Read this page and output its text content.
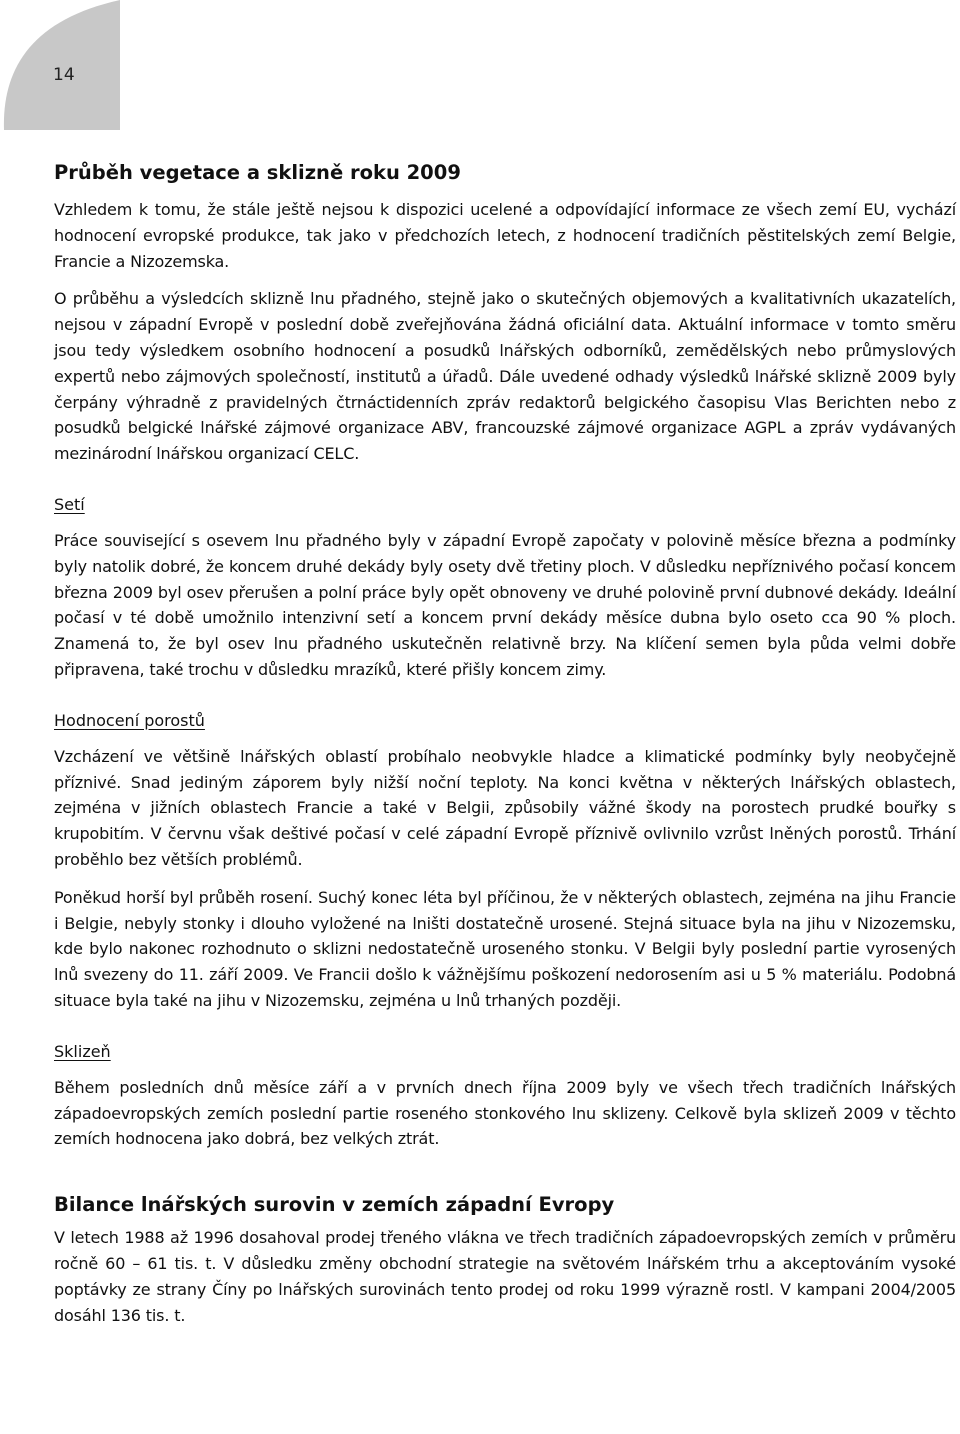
14
Průběh vegetace a sklizně roku 2009

Vzhledem k tomu, že stále ještě nejsou k dispozici ucelené a odpovídající informace ze všech zemí EU, vychází hodnocení evropské produkce, tak jako v předchozích letech, z hodnocení tradičních pěstitelských zemí Belgie, Francie a Nizozemska.

O průběhu a výsledcích sklizně lnu přadného, stejně jako o skutečných objemových a kvalitativních ukazatelích, nejsou v západní Evropě v poslední době zveřejňována žádná oficiální data. Aktuální informace v tomto směru jsou tedy výsledkem osobního hodnocení a posudků lnářských odborníků, zemědělských nebo průmyslových expertů nebo zájmových společností, institutů a úřadů. Dále uvedené odhady výsledků lnářské sklizně 2009 byly čerpány výhradně z pravidelných čtrnáctidenních zpráv redaktorů belgického časopisu Vlas Berichten nebo z posudků belgické lnářské zájmové organizace ABV, francouzské zájmové organizace AGPL a zpráv vydávaných mezinárodní lnářskou organizací CELC.

Setí

Práce související s osevem lnu přadného byly v západní Evropě započaty v polovině měsíce března a podmínky byly natolik dobré, že koncem druhé dekády byly osety dvě třetiny ploch. V důsledku nepříznivého počasí koncem března 2009 byl osev přerušen a polní práce byly opět obnoveny ve druhé polovině první dubnové dekády. Ideální počasí v té době umožnilo intenzivní setí a koncem první dekády měsíce dubna bylo oseto cca 90 % ploch. Znamená to, že byl osev lnu přadného uskutečněn relativně brzy. Na klíčení semen byla půda velmi dobře připravena, také trochu v důsledku mrazíků, které přišly koncem zimy.

Hodnocení porostů

Vzcházení ve většině lnářských oblastí probíhalo neobvykle hladce a klimatické podmínky byly neobyčejně příznivé. Snad jediným záporem byly nižší noční teploty. Na konci května v některých lnářských oblastech, zejména v jižních oblastech Francie a také v Belgii, způsobily vážné škody na porostech prudké bouřky s krupobitím. V červnu však deštivé počasí v celé západní Evropě příznivě ovlivnilo vzrůst lněných porostů. Trhání proběhlo bez větších problémů.

Poněkud horší byl průběh rosení. Suchý konec léta byl příčinou, že v některých oblastech, zejména na jihu Francie i Belgie, nebyly stonky i dlouho vyložené na lništi dostatečně urosené. Stejná situace byla na jihu v Nizozemsku, kde bylo nakonec rozhodnuto o sklizni nedostatečně uroseného stonku. V Belgii byly poslední partie vyrosených lnů svezeny do 11. září 2009. Ve Francii došlo k vážnějšímu poškození nedorosením asi u 5 % materiálu. Podobná situace byla také na jihu v Nizozemsku, zejména u lnů trhaných později.

Sklizeň

Během posledních dnů měsíce září a v prvních dnech října 2009 byly ve všech třech tradičních lnářských západoevropských zemích poslední partie roseného stonkového lnu sklizeny. Celkově byla sklizeň 2009 v těchto zemích hodnocena jako dobrá, bez velkých ztrát.

Bilance lnářských surovin v zemích západní Evropy

V letech 1988 až 1996 dosahoval prodej třeného vlákna ve třech tradičních západoevropských zemích v průměru ročně 60 – 61 tis. t. V důsledku změny obchodní strategie na světovém lnářském trhu a akceptováním vysoké poptávky ze strany Číny po lnářských surovinách tento prodej od roku 1999 výrazně rostl. V kampani 2004/2005 dosáhl 136 tis. t.
